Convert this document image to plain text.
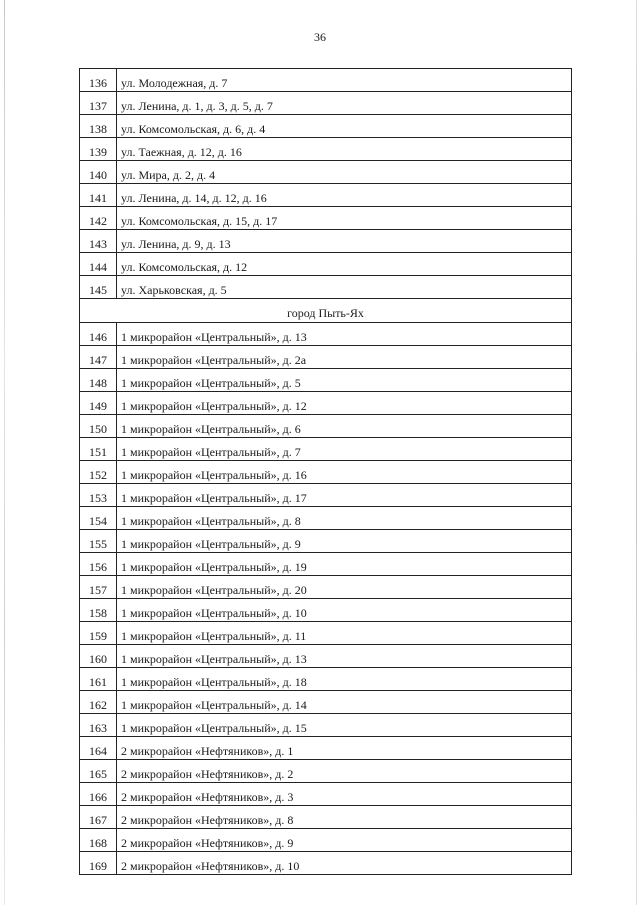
36
136	ул. Молодежная, д. 7
137	ул. Ленина, д. 1, д. 3, д. 5, д. 7
138	ул. Комсомольская, д. 6, д. 4
139	ул. Таежная, д. 12, д. 16
140	ул. Мира, д. 2, д. 4
141	ул. Ленина, д. 14, д. 12, д. 16
142	ул. Комсомольская, д. 15, д. 17
143	ул. Ленина, д. 9, д. 13
144	ул. Комсомольская, д. 12
145	ул. Харьковская, д. 5
город Пыть-Ях	
146	1 микрорайон «Центральный», д. 13
147	1 микрорайон «Центральный», д. 2а
148	1 микрорайон «Центральный», д. 5
149	1 микрорайон «Центральный», д. 12
150	1 микрорайон «Центральный», д. 6
151	1 микрорайон «Центральный», д. 7
152	1 микрорайон «Центральный», д. 16
153	1 микрорайон «Центральный», д. 17
154	1 микрорайон «Центральный», д. 8
155	1 микрорайон «Центральный», д. 9
156	1 микрорайон «Центральный», д. 19
157	1 микрорайон «Центральный», д. 20
158	1 микрорайон «Центральный», д. 10
159	1 микрорайон «Центральный», д. 11
160	1 микрорайон «Центральный», д. 13
161	1 микрорайон «Центральный», д. 18
162	1 микрорайон «Центральный», д. 14
163	1 микрорайон «Центральный», д. 15
164	2 микрорайон «Нефтяников», д. 1
165	2 микрорайон «Нефтяников», д. 2
166	2 микрорайон «Нефтяников», д. 3
167	2 микрорайон «Нефтяников», д. 8
168	2 микрорайон «Нефтяников», д. 9
169	2 микрорайон «Нефтяников», д. 10
